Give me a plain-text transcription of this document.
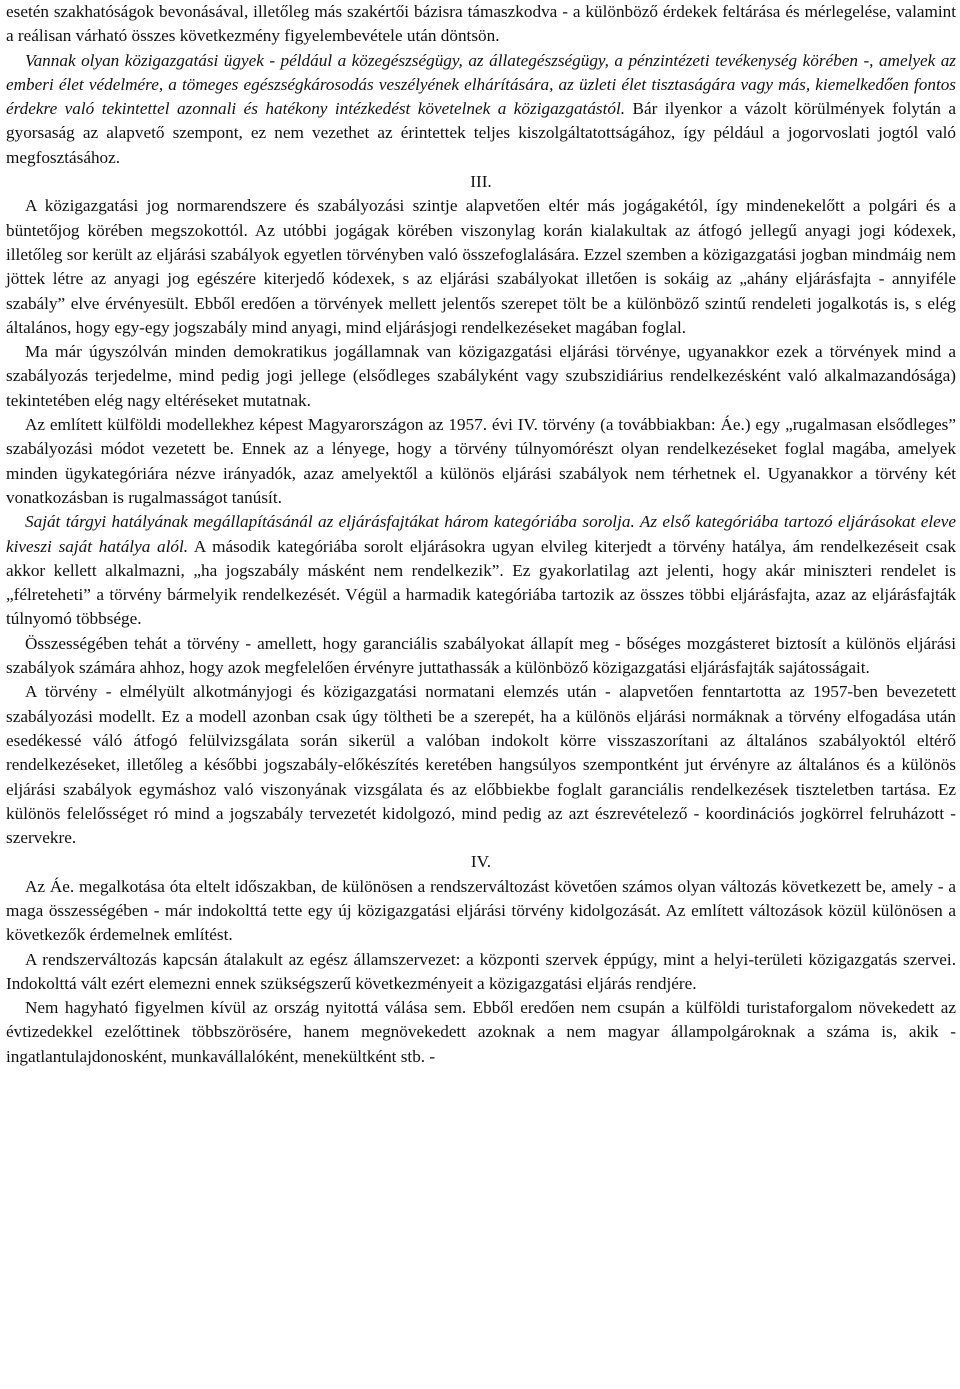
esetén szakhatóságok bevonásával, illetőleg más szakértői bázisra támaszkodva - a különböző érdekek feltárása és mérlegelése, valamint a reálisan várható összes következmény figyelembevétele után döntsön.

Vannak olyan közigazgatási ügyek - például a közegészségügy, az állategészségügy, a pénzintézeti tevékenység körében -, amelyek az emberi élet védelmére, a tömeges egészségkárosodás veszélyének elhárítására, az üzleti élet tisztaságára vagy más, kiemelkedően fontos érdekre való tekintettel azonnali és hatékony intézkedést követelnek a közigazgatástól. Bár ilyenkor a vázolt körülmények folytán a gyorsaság az alapvető szempont, ez nem vezethet az érintettek teljes kiszolgáltatottságához, így például a jogorvoslati jogtól való megfosztásához.

III.

A közigazgatási jog normarendszere és szabályozási szintje alapvetően eltér más jogágakétól, így mindenekelőtt a polgári és a büntetőjog körében megszokottól. Az utóbbi jogágak körében viszonylag korán kialakultak az átfogó jellegű anyagi jogi kódexek, illetőleg sor került az eljárási szabályok egyetlen törvényben való összefoglalására. Ezzel szemben a közigazgatási jogban mindmáig nem jöttek létre az anyagi jog egészére kiterjedő kódexek, s az eljárási szabályokat illetően is sokáig az „ahány eljárásfajta - annyiféle szabály” elve érvényesült. Ebből eredően a törvények mellett jelentős szerepet tölt be a különböző szintű rendeleti jogalkotás is, s elég általános, hogy egy-egy jogszabály mind anyagi, mind eljárásjogi rendelkezéseket magában foglal.

Ma már úgyszólván minden demokratikus jogállamnak van közigazgatási eljárási törvénye, ugyanakkor ezek a törvények mind a szabályozás terjedelme, mind pedig jogi jellege (elsődleges szabályként vagy szubszidiárius rendelkezésként való alkalmazandósága) tekintetében elég nagy eltéréseket mutatnak.

Az említett külföldi modellekhez képest Magyarországon az 1957. évi IV. törvény (a továbbiakban: Áe.) egy „rugalmasan elsődleges” szabályozási módot vezetett be. Ennek az a lényege, hogy a törvény túlnyomórészt olyan rendelkezéseket foglal magába, amelyek minden ügykategóriára nézve irányadók, azaz amelyektől a különös eljárási szabályok nem térhetnek el. Ugyanakkor a törvény két vonatkozásban is rugalmasságot tanúsít.

Saját tárgyi hatályának megállapításánál az eljárásfajtákat három kategóriába sorolja. Az első kategóriába tartozó eljárásokat eleve kiveszi saját hatálya alól. A második kategóriába sorolt eljárásokra ugyan elvileg kiterjedt a törvény hatálya, ám rendelkezéseit csak akkor kellett alkalmazni, „ha jogszabály másként nem rendelkezik”. Ez gyakorlatilag azt jelenti, hogy akár miniszteri rendelet is „félreteheti” a törvény bármelyik rendelkezését. Végül a harmadik kategóriába tartozik az összes többi eljárásfajta, azaz az eljárásfajták túlnyomó többsége.

Összességében tehát a törvény - amellett, hogy garanciális szabályokat állapít meg - bőséges mozgásteret biztosít a különös eljárási szabályok számára ahhoz, hogy azok megfelelően érvényre juttathassák a különböző közigazgatási eljárásfajták sajátosságait.

A törvény - elmélyült alkotmányjogi és közigazgatási normatani elemzés után - alapvetően fenntartotta az 1957-ben bevezetett szabályozási modellt. Ez a modell azonban csak úgy töltheti be a szerepét, ha a különös eljárási normáknak a törvény elfogadása után esedékessé váló átfogó felülvizsgálata során sikerül a valóban indokolt körre visszaszorítani az általános szabályoktól eltérő rendelkezéseket, illetőleg a későbbi jogszabály-előkészítés keretében hangsúlyos szempontként jut érvényre az általános és a különös eljárási szabályok egymáshoz való viszonyának vizsgálata és az előbbiekbe foglalt garanciális rendelkezések tiszteletben tartása. Ez különös felelősséget ró mind a jogszabály tervezetét kidolgozó, mind pedig az azt észrevételező - koordinációs jogkörrel felruházott - szervekre.

IV.

Az Áe. megalkotása óta eltelt időszakban, de különösen a rendszerváltozást követően számos olyan változás következett be, amely - a maga összességében - már indokolttá tette egy új közigazgatási eljárási törvény kidolgozását. Az említett változások közül különösen a következők érdemelnek említést.

A rendszerváltozás kapcsán átalakult az egész államszervezet: a központi szervek éppúgy, mint a helyi-területi közigazgatás szervei. Indokolttá vált ezért elemezni ennek szükségszerű következményeit a közigazgatási eljárás rendjére.

Nem hagyható figyelmen kívül az ország nyitottá válása sem. Ebből eredően nem csupán a külföldi turistaforgalom növekedett az évtizedekkel ezelőttinek többszörösére, hanem megnövekedett azoknak a nem magyar állampolgároknak a száma is, akik - ingatlantulajdonosként, munkavállalóként, menekültként stb. -
